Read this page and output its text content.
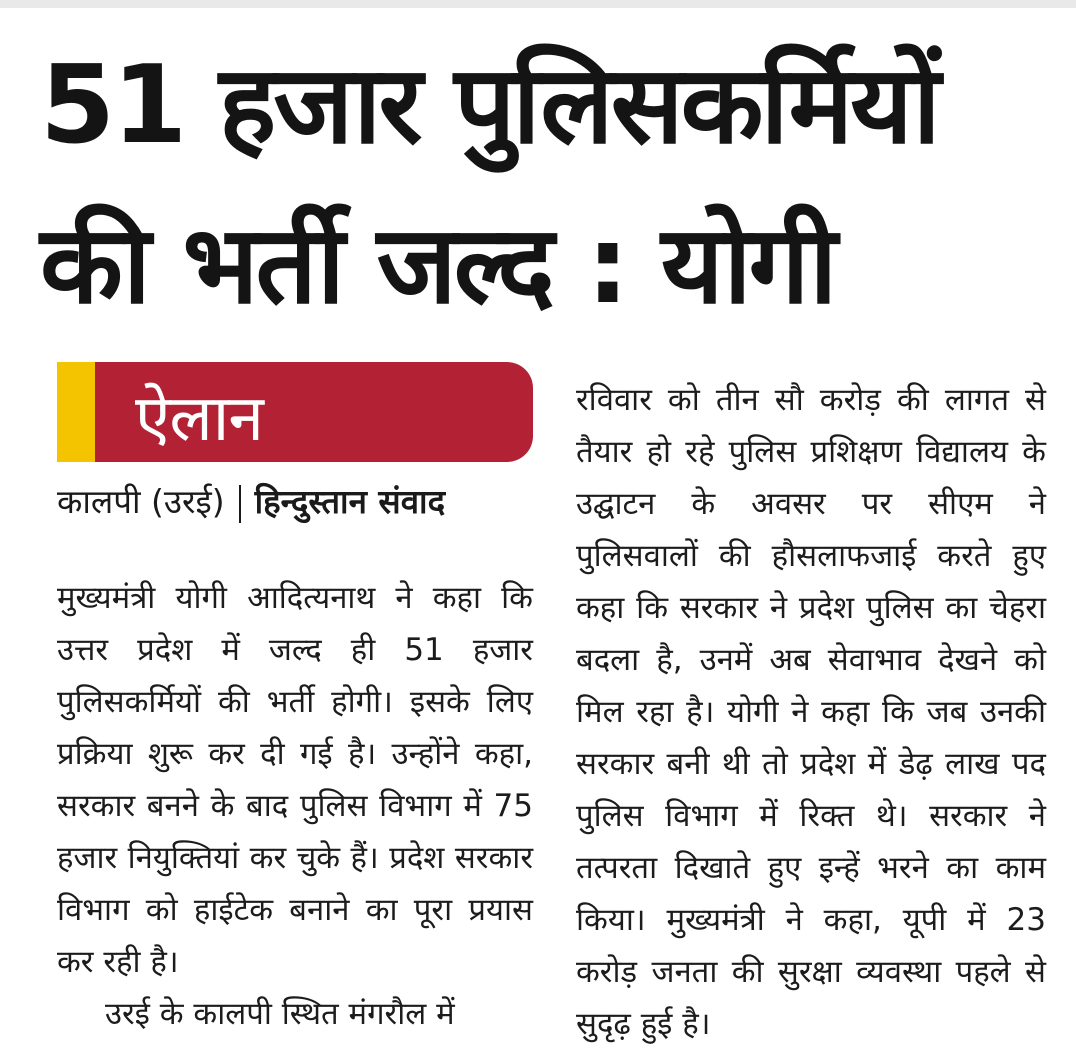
51 हजार पुलिसकर्मियों
की भर्ती जल्द : योगी
ऐलान
कालपी (उरई) हिन्दुस्तान संवाद

मुख्यमंत्री योगी आदित्यनाथ ने कहा कि उत्तर प्रदेश में जल्द ही 51 हजार पुलिसकर्मियों की भर्ती होगी। इसके लिए प्रक्रिया शुरू कर दी गई है। उन्होंने कहा, सरकार बनने के बाद पुलिस विभाग में 75 हजार नियुक्तियां कर चुके हैं। प्रदेश सरकार विभाग को हाईटेक बनाने का पूरा प्रयास कर रही है।

उरई के कालपी स्थित मंगरौल में

रविवार को तीन सौ करोड़ की लागत से तैयार हो रहे पुलिस प्रशिक्षण विद्यालय के उद्घाटन के अवसर पर सीएम ने पुलिसवालों की हौसलाफजाई करते हुए कहा कि सरकार ने प्रदेश पुलिस का चेहरा बदला है, उनमें अब सेवाभाव देखने को मिल रहा है। योगी ने कहा कि जब उनकी सरकार बनी थी तो प्रदेश में डेढ़ लाख पद पुलिस विभाग में रिक्त थे। सरकार ने तत्परता दिखाते हुए इन्हें भरने का काम किया। मुख्यमंत्री ने कहा, यूपी में 23 करोड़ जनता की सुरक्षा व्यवस्था पहले से सुदृढ़ हुई है।
